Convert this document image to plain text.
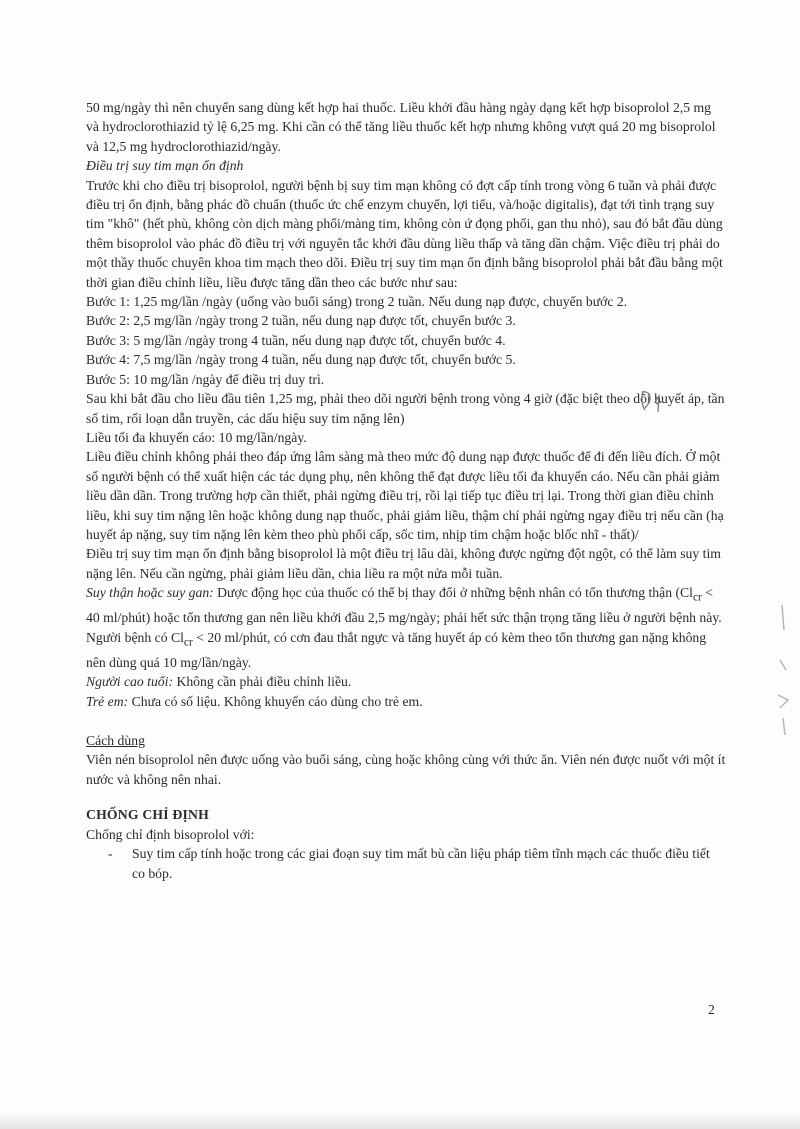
50 mg/ngày thì nên chuyển sang dùng kết hợp hai thuốc. Liều khởi đầu hàng ngày dạng kết hợp bisoprolol 2,5 mg và hydroclorothiazid tỷ lệ 6,25 mg. Khi cần có thể tăng liều thuốc kết hợp nhưng không vượt quá 20 mg bisoprolol và 12,5 mg hydroclorothiazid/ngày.

Điều trị suy tim mạn ổn định

Trước khi cho điều trị bisoprolol, người bệnh bị suy tim mạn không có đợt cấp tính trong vòng 6 tuần và phải được điều trị ổn định, bằng phác đồ chuẩn (thuốc ức chế enzym chuyển, lợi tiểu, và/hoặc digitalis), đạt tới tình trạng suy tim "khô" (hết phù, không còn dịch màng phổi/màng tim, không còn ứ đọng phổi, gan thu nhỏ), sau đó bắt đầu dùng thêm bisoprolol vào phác đồ điều trị với nguyên tắc khởi đầu dùng liều thấp và tăng dần chậm. Việc điều trị phải do một thầy thuốc chuyên khoa tim mạch theo dõi. Điều trị suy tim mạn ổn định bằng bisoprolol phải bắt đầu bằng một thời gian điều chỉnh liều, liều được tăng dần theo các bước như sau:

Bước 1: 1,25 mg/lần /ngày (uống vào buổi sáng) trong 2 tuần. Nếu dung nạp được, chuyển bước 2.

Bước 2: 2,5 mg/lần /ngày trong 2 tuần, nếu dung nạp được tốt, chuyển bước 3.

Bước 3: 5 mg/lần /ngày trong 4 tuần, nếu dung nạp được tốt, chuyển bước 4.

Bước 4: 7,5 mg/lần /ngày trong 4 tuần, nếu dung nạp được tốt, chuyển bước 5.

Bước 5: 10 mg/lần /ngày để điều trị duy trì.

Sau khi bắt đầu cho liều đầu tiên 1,25 mg, phải theo dõi người bệnh trong vòng 4 giờ (đặc biệt theo dõi huyết áp, tần số tim, rối loạn dẫn truyền, các dấu hiệu suy tim nặng lên)

Liều tối đa khuyến cáo: 10 mg/lần/ngày.

Liều điều chỉnh không phải theo đáp ứng lâm sàng mà theo mức độ dung nạp được thuốc để đi đến liều đích. Ở một số người bệnh có thể xuất hiện các tác dụng phụ, nên không thể đạt được liều tối đa khuyến cáo. Nếu cần phải giảm liều dần dần. Trong trường hợp cần thiết, phải ngừng điều trị, rồi lại tiếp tục điều trị lại. Trong thời gian điều chỉnh liều, khi suy tim nặng lên hoặc không dung nạp thuốc, phải giảm liều, thậm chí phải ngừng ngay điều trị nếu cần (hạ huyết áp nặng, suy tim nặng lên kèm theo phù phổi cấp, sốc tim, nhịp tim chậm hoặc blốc nhĩ - thất)/

Điều trị suy tim mạn ổn định bằng bisoprolol là một điều trị lâu dài, không được ngừng đột ngột, có thể làm suy tim nặng lên. Nếu cần ngừng, phải giảm liều dần, chia liều ra một nửa mỗi tuần.

Suy thận hoặc suy gan: Dược động học của thuốc có thể bị thay đổi ở những bệnh nhân có tổn thương thận ($Cl_{cr} < 40$ ml/phút) hoặc tổn thương gan nên liều khởi đầu 2,5 mg/ngày; phải hết sức thận trọng tăng liều ở người bệnh này. Người bệnh có $Cl_{cr} < 20$ ml/phút, có cơn đau thắt ngực và tăng huyết áp có kèm theo tổn thương gan nặng không nên dùng quá 10 mg/lần/ngày.

Người cao tuổi: Không cần phải điều chỉnh liều.

Trẻ em: Chưa có số liệu. Không khuyến cáo dùng cho trẻ em.

Cách dùng

Viên nén bisoprolol nên được uống vào buổi sáng, cùng hoặc không cùng với thức ăn. Viên nén được nuốt với một ít nước và không nên nhai.

CHỐNG CHỈ ĐỊNH

Chống chỉ định bisoprolol với:

- Suy tim cấp tính hoặc trong các giai đoạn suy tim mất bù cần liệu pháp tiêm tĩnh mạch các thuốc điều tiết co bóp.

2
